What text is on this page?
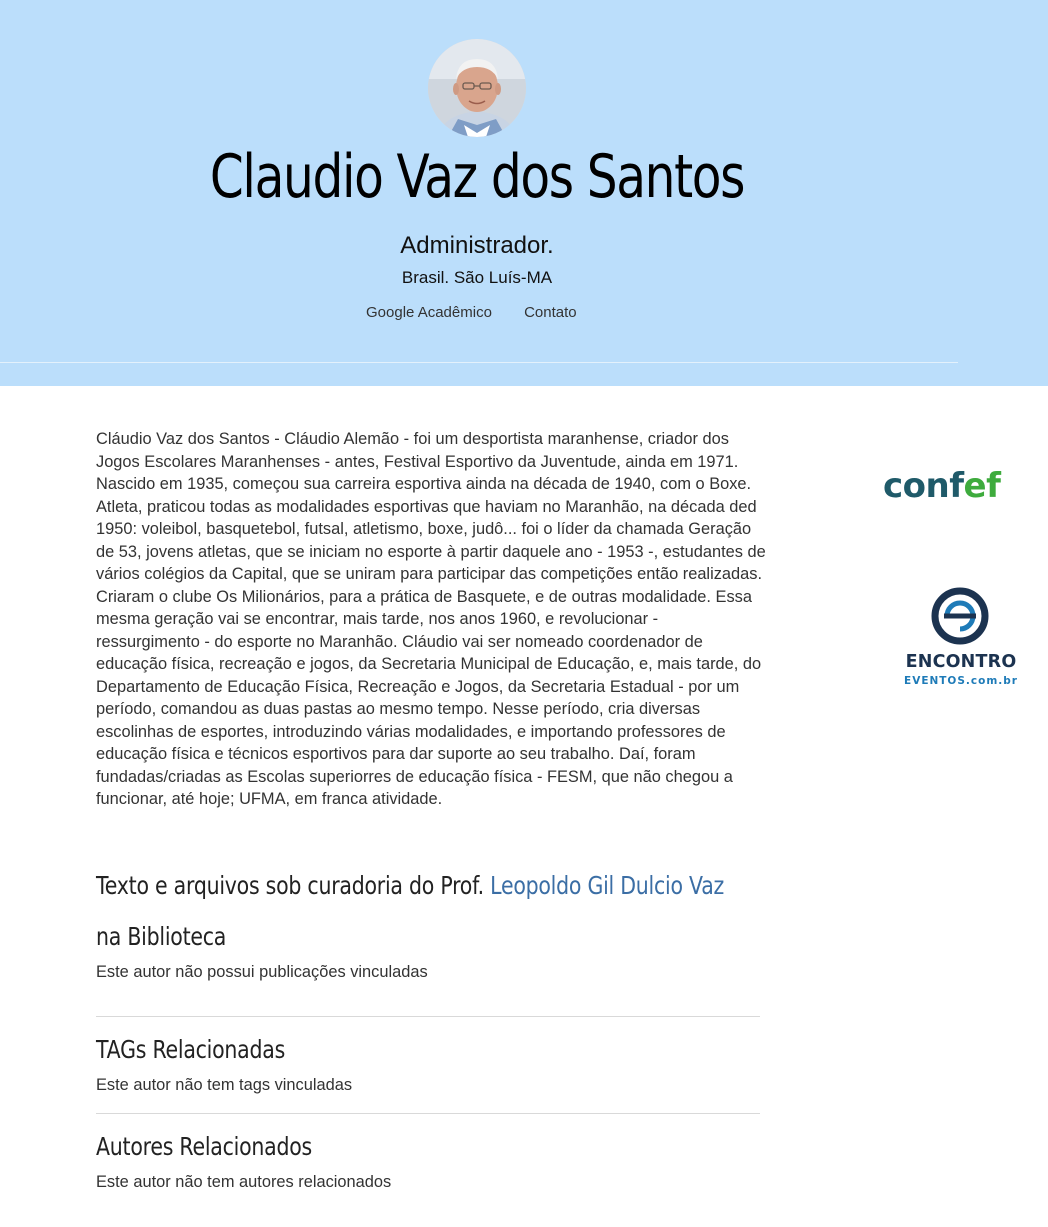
Claudio Vaz dos Santos

Administrador.

Brasil. São Luís-MA

Google Acadêmico Contato

Cláudio Vaz dos Santos - Cláudio Alemão - foi um desportista maranhense, criador dos Jogos Escolares Maranhenses - antes, Festival Esportivo da Juventude, ainda em 1971. Nascido em 1935, começou sua carreira esportiva ainda na década de 1940, com o Boxe. Atleta, praticou todas as modalidades esportivas que haviam no Maranhão, na década ded 1950: voleibol, basquetebol, futsal, atletismo, boxe, judô... foi o líder da chamada Geração de 53, jovens atletas, que se iniciam no esporte à partir daquele ano - 1953 -, estudantes de vários colégios da Capital, que se uniram para participar das competições então realizadas. Criaram o clube Os Milionários, para a prática de Basquete, e de outras modalidade. Essa mesma geração vai se encontrar, mais tarde, nos anos 1960, e revolucionar - ressurgimento - do esporte no Maranhão. Cláudio vai ser nomeado coordenador de educação física, recreação e jogos, da Secretaria Municipal de Educação, e, mais tarde, do Departamento de Educação Física, Recreação e Jogos, da Secretaria Estadual - por um período, comandou as duas pastas ao mesmo tempo. Nesse período, cria diversas escolinhas de esportes, introduzindo várias modalidades, e importando professores de educação física e técnicos esportivos para dar suporte ao seu trabalho. Daí, foram fundadas/criadas as Escolas superiorres de educação física - FESM, que não chegou a funcionar, até hoje; UFMA, em franca atividade.

Texto e arquivos sob curadoria do Prof. Leopoldo Gil Dulcio Vaz
na Biblioteca

Este autor não possui publicações vinculadas

TAGs Relacionadas

Este autor não tem tags vinculadas

Autores Relacionados

Este autor não tem autores relacionados

confef
ENCONTRO
EVENTOS.com.br
